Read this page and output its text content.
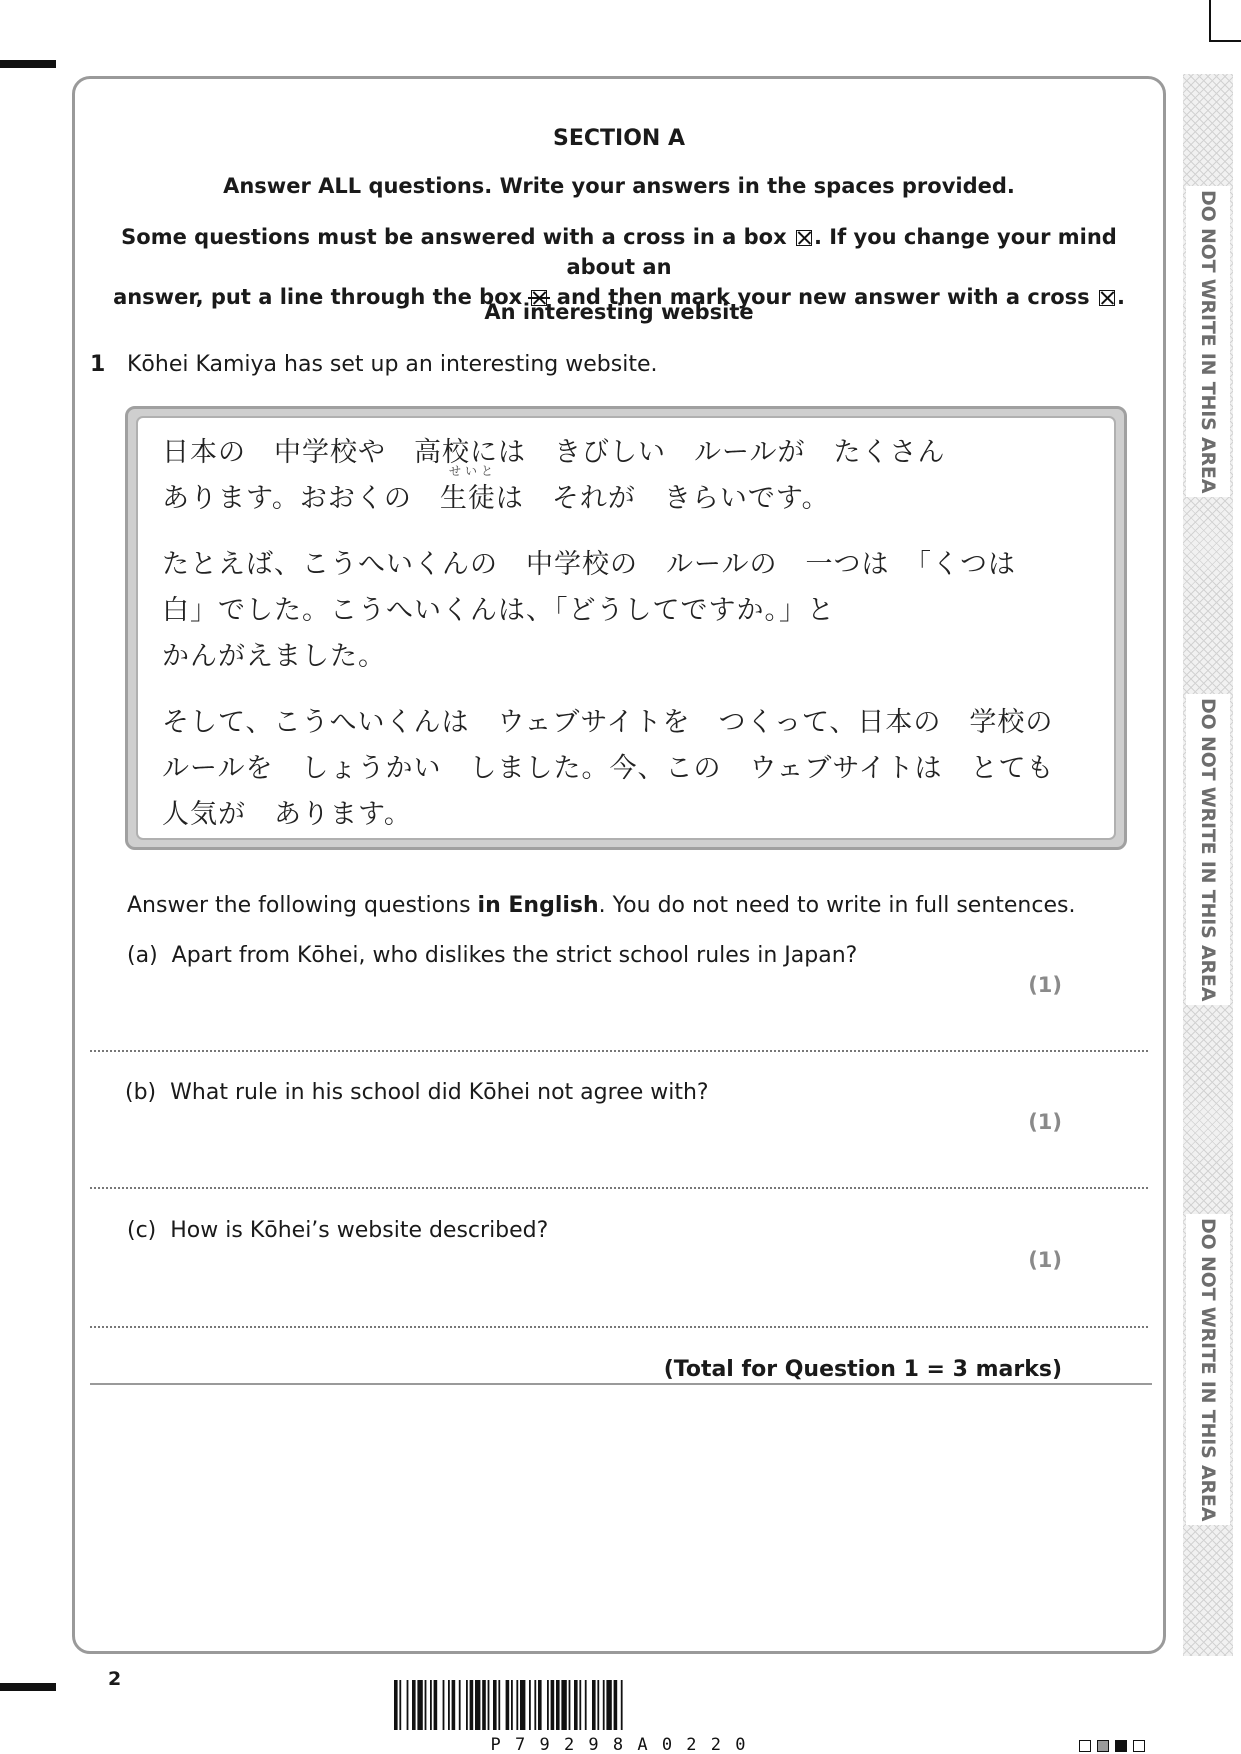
DO NOT WRITE IN THIS AREA
DO NOT WRITE IN THIS AREA
DO NOT WRITE IN THIS AREA
SECTION A
Answer ALL questions. Write your answers in the spaces provided.
Some questions must be answered with a cross in a box ☒ . If you change your mind about an
answer, put a line through the box and then mark your new answer with a cross ☒ .
An interesting website
1 Kōhei Kamiya has set up an interesting website.
日本の　中学校や　高校には　きびしい　ルールが　たくさん
せいと
あります。おおくの　生徒は　それが　きらいです。
たとえば、こうへいくんの　中学校の　ルールの　一つは　「くつは
白」でした。こうへいくんは、「どうしてですか。」と
かんがえました。
そして、こうへいくんは　ウェブサイトを　つくって、日本の　学校の
ルールを　しょうかい　しました。今、この　ウェブサイトは　とても
人気が　あります。
Answer the following questions in English. You do not need to write in full sentences.
(a) Apart from Kōhei, who dislikes the strict school rules in Japan?
(1)
(b) What rule in his school did Kōhei not agree with?
(1)
(c) How is Kōhei’s website described?
(1)
(Total for Question 1 = 3 marks)
2
P 7 9 2 9 8 A 0 2 2 0
